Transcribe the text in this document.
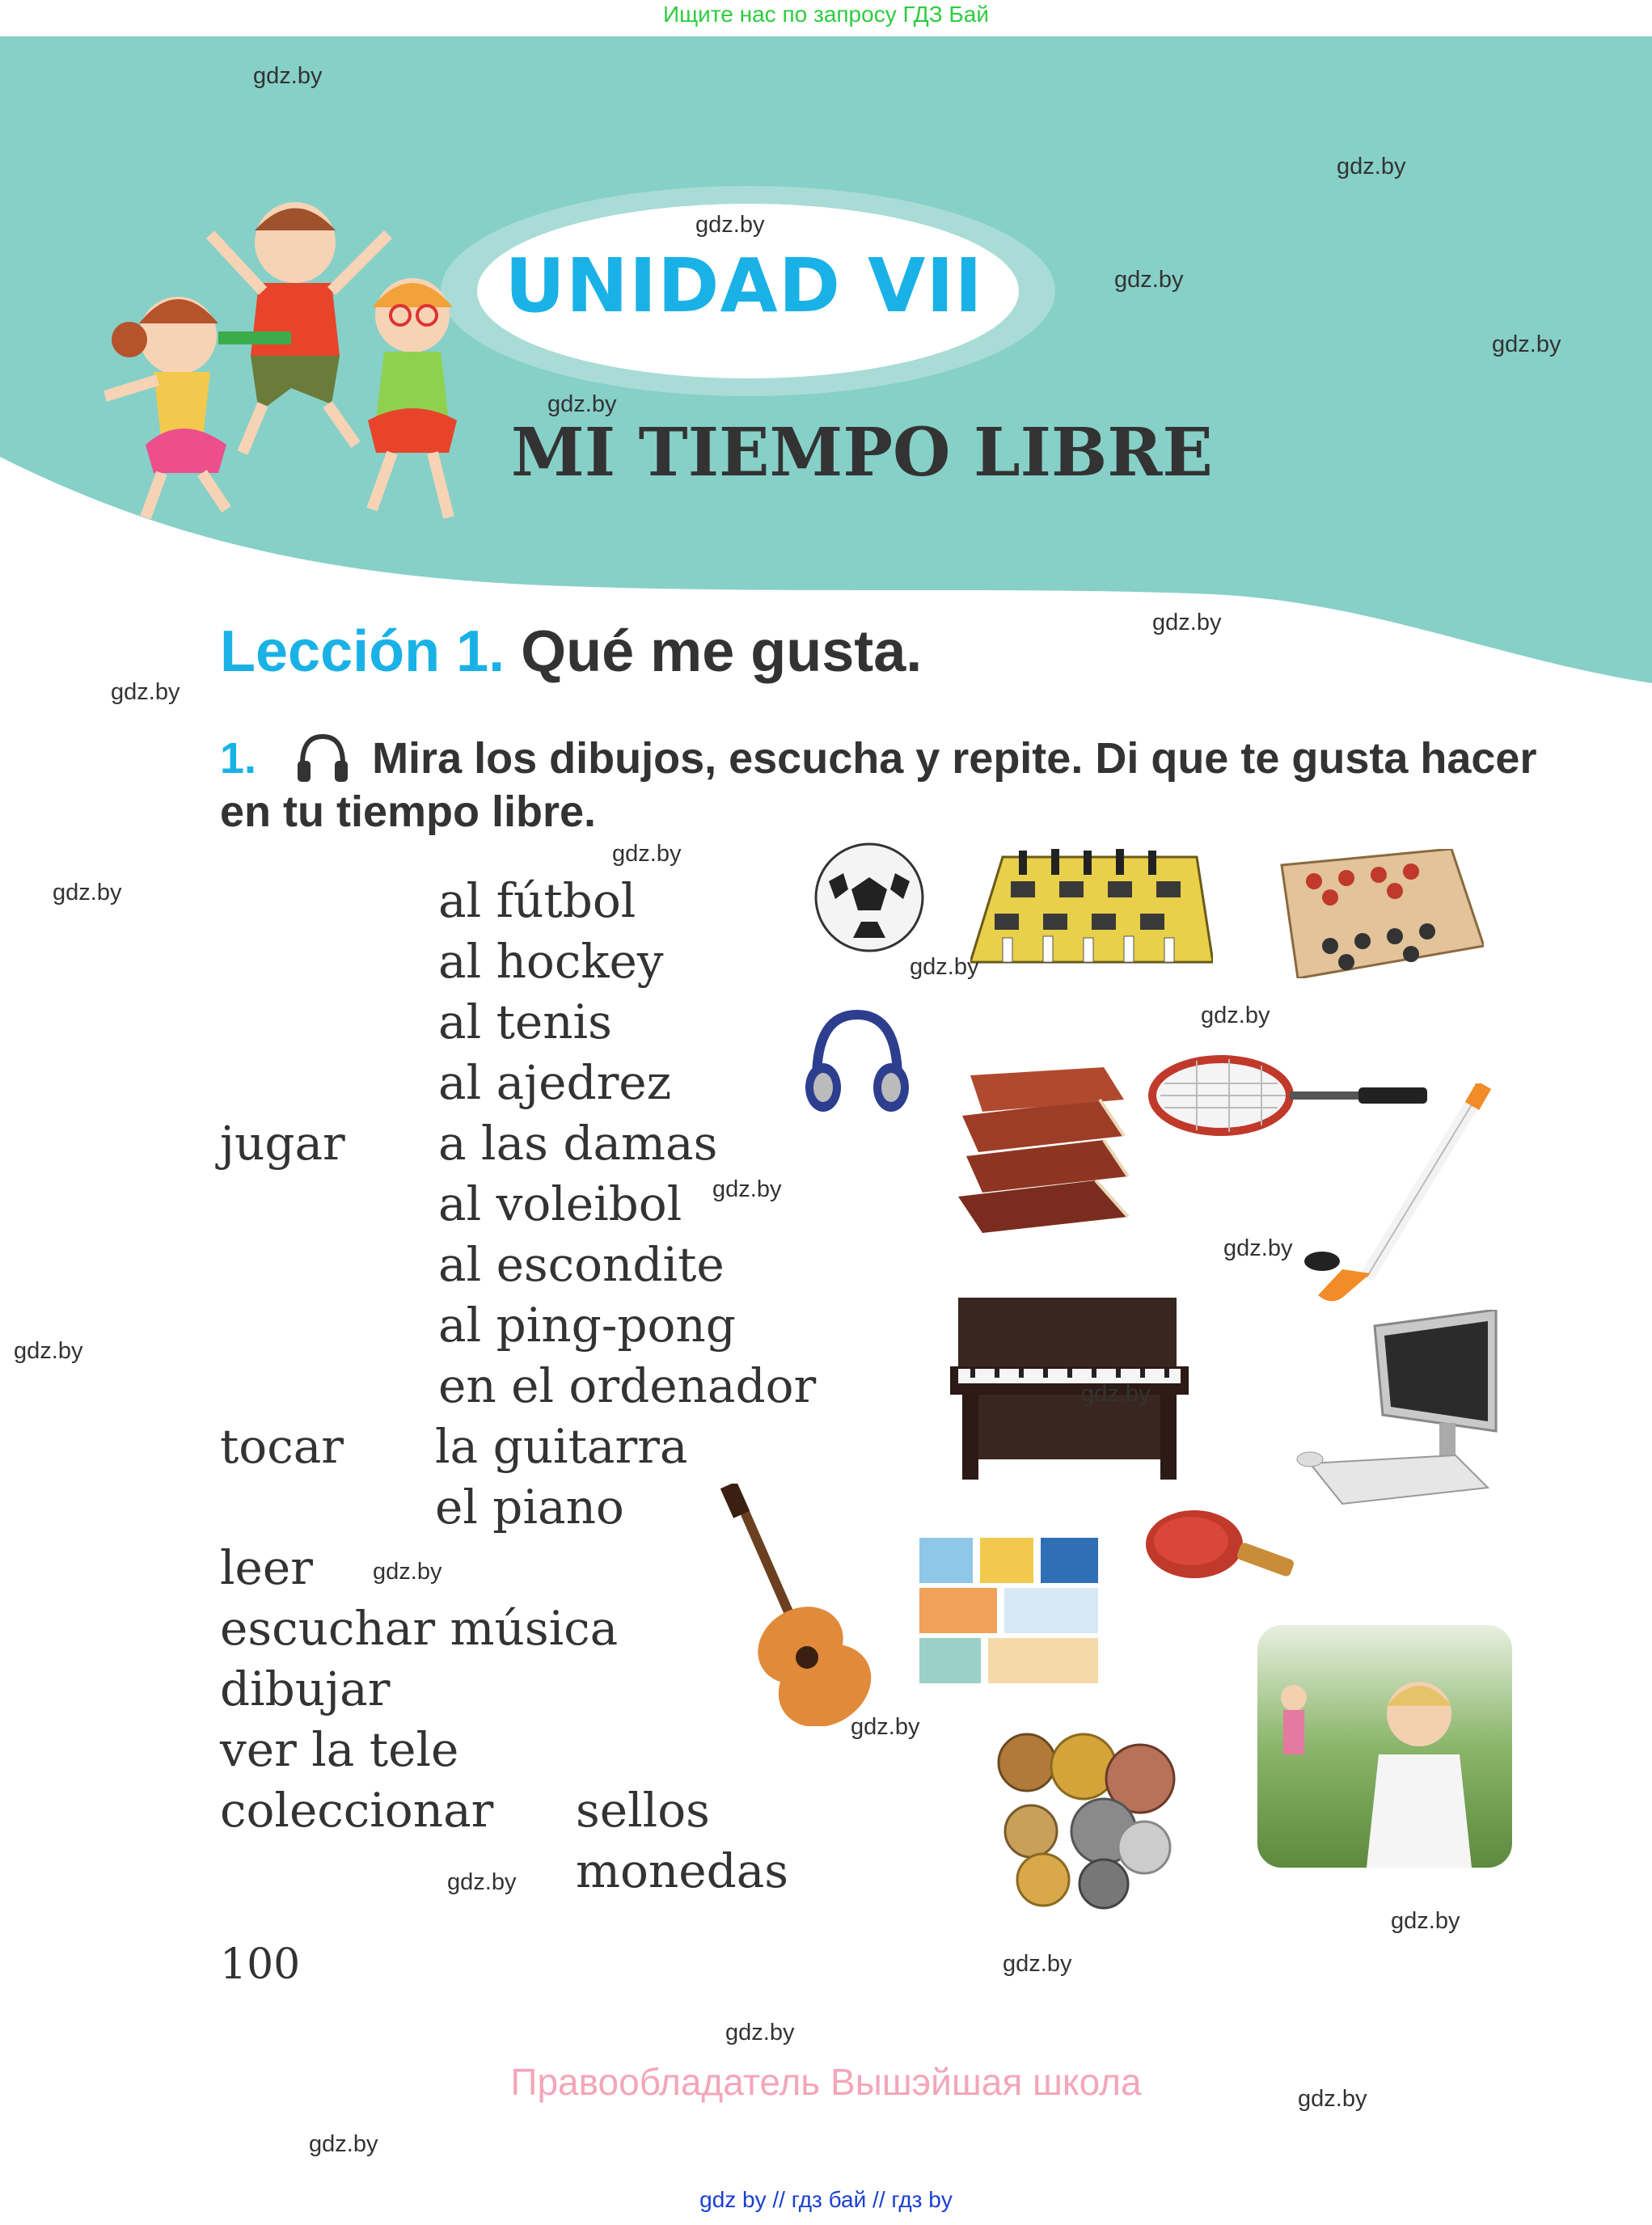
Ищите нас по запросу ГДЗ Бай
UNIDAD VII
MI TIEMPO LIBRE
Lección 1. Qué me gusta.
1.	Mira los dibujos, escucha y repite. Di que te gusta hacer en tu tiempo libre.
jugar
al fútbol
al hockey
al tenis
al ajedrez
a las damas
al voleibol
al escondite
al ping-pong
en el ordenador
tocar la guitarra
el piano
leer
escuchar música
dibujar
ver la tele
coleccionar sellos
monedas
100
Правообладатель Вышэйшая школа
gdz by // гдз бай // гдз by
gdz.by
gdz.by
gdz.by
gdz.by
gdz.by
gdz.by
gdz.by
gdz.by
gdz.by
gdz.by
gdz.by
gdz.by
gdz.by
gdz.by
gdz.by
gdz.by
gdz.by
gdz.by
gdz.by
gdz.by
gdz.by
gdz.by
gdz.by
gdz.by
